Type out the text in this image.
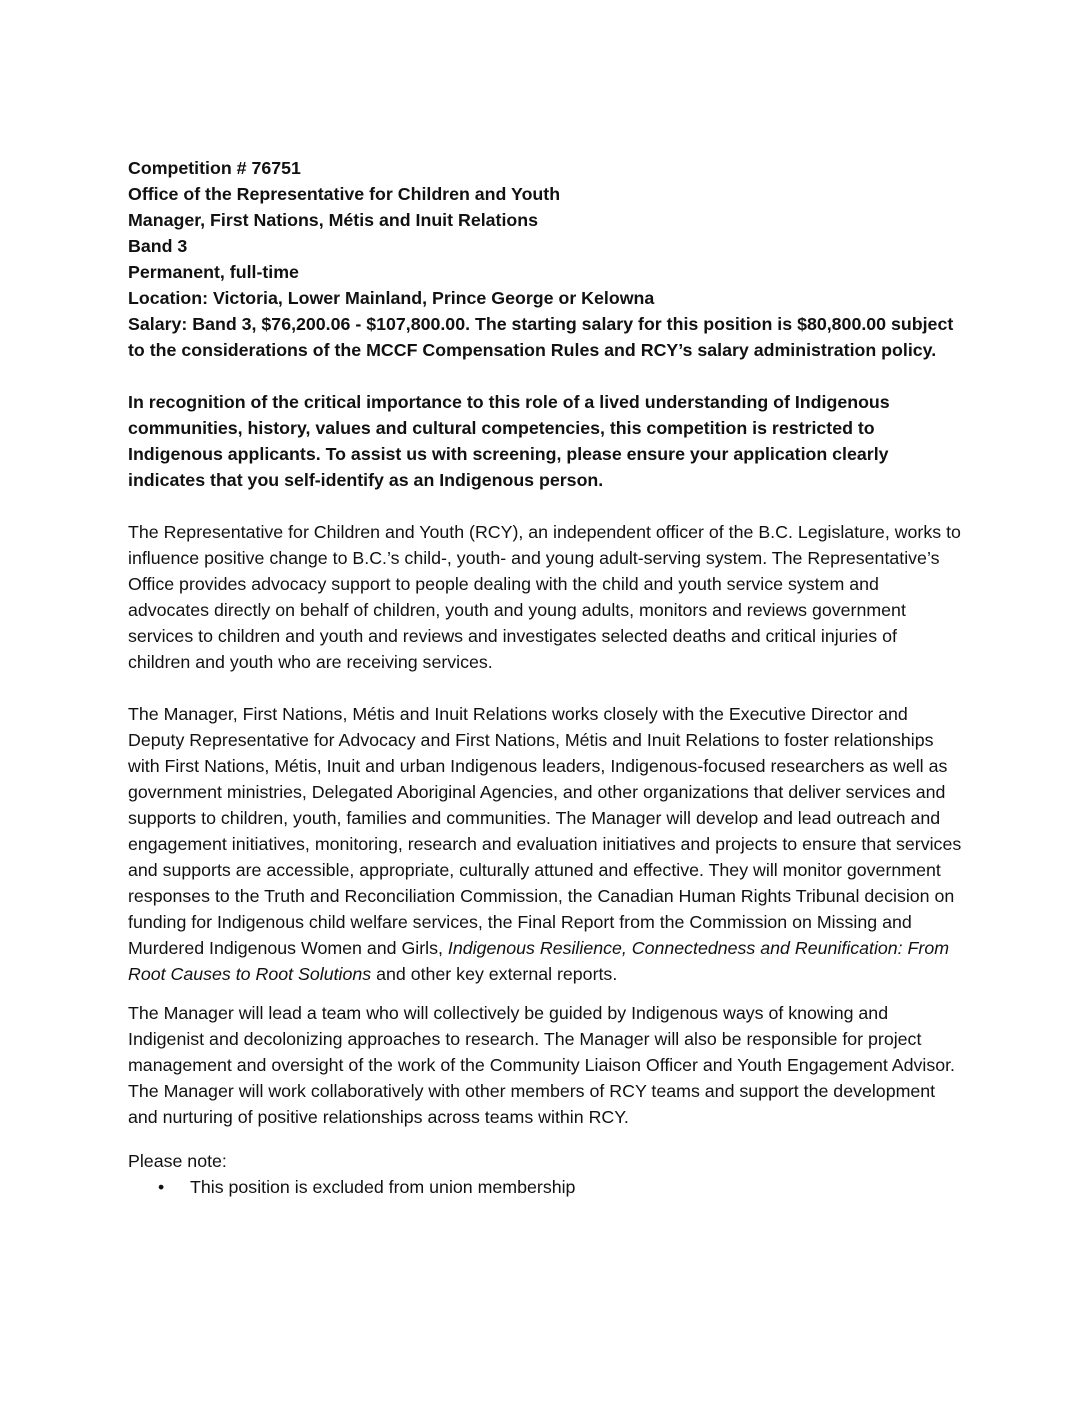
Competition # 76751

Office of the Representative for Children and Youth

Manager, First Nations, Métis and Inuit Relations

Band 3

Permanent, full-time

Location: Victoria, Lower Mainland, Prince George or Kelowna

Salary: Band 3, $76,200.06 - $107,800.00. The starting salary for this position is $80,800.00 subject to the considerations of the MCCF Compensation Rules and RCY’s salary administration policy.

In recognition of the critical importance to this role of a lived understanding of Indigenous communities, history, values and cultural competencies, this competition is restricted to Indigenous applicants. To assist us with screening, please ensure your application clearly indicates that you self-identify as an Indigenous person.

The Representative for Children and Youth (RCY), an independent officer of the B.C. Legislature, works to influence positive change to B.C.’s child-, youth- and young adult-serving system. The Representative’s Office provides advocacy support to people dealing with the child and youth service system and advocates directly on behalf of children, youth and young adults, monitors and reviews government services to children and youth and reviews and investigates selected deaths and critical injuries of children and youth who are receiving services.

The Manager, First Nations, Métis and Inuit Relations works closely with the Executive Director and Deputy Representative for Advocacy and First Nations, Métis and Inuit Relations to foster relationships with First Nations, Métis, Inuit and urban Indigenous leaders, Indigenous-focused researchers as well as government ministries, Delegated Aboriginal Agencies, and other organizations that deliver services and supports to children, youth, families and communities. The Manager will develop and lead outreach and engagement initiatives, monitoring, research and evaluation initiatives and projects to ensure that services and supports are accessible, appropriate, culturally attuned and effective. They will monitor government responses to the Truth and Reconciliation Commission, the Canadian Human Rights Tribunal decision on funding for Indigenous child welfare services, the Final Report from the Commission on Missing and Murdered Indigenous Women and Girls, Indigenous Resilience, Connectedness and Reunification: From Root Causes to Root Solutions and other key external reports.

The Manager will lead a team who will collectively be guided by Indigenous ways of knowing and Indigenist and decolonizing approaches to research. The Manager will also be responsible for project management and oversight of the work of the Community Liaison Officer and Youth Engagement Advisor. The Manager will work collaboratively with other members of RCY teams and support the development and nurturing of positive relationships across teams within RCY.

Please note:

• This position is excluded from union membership
